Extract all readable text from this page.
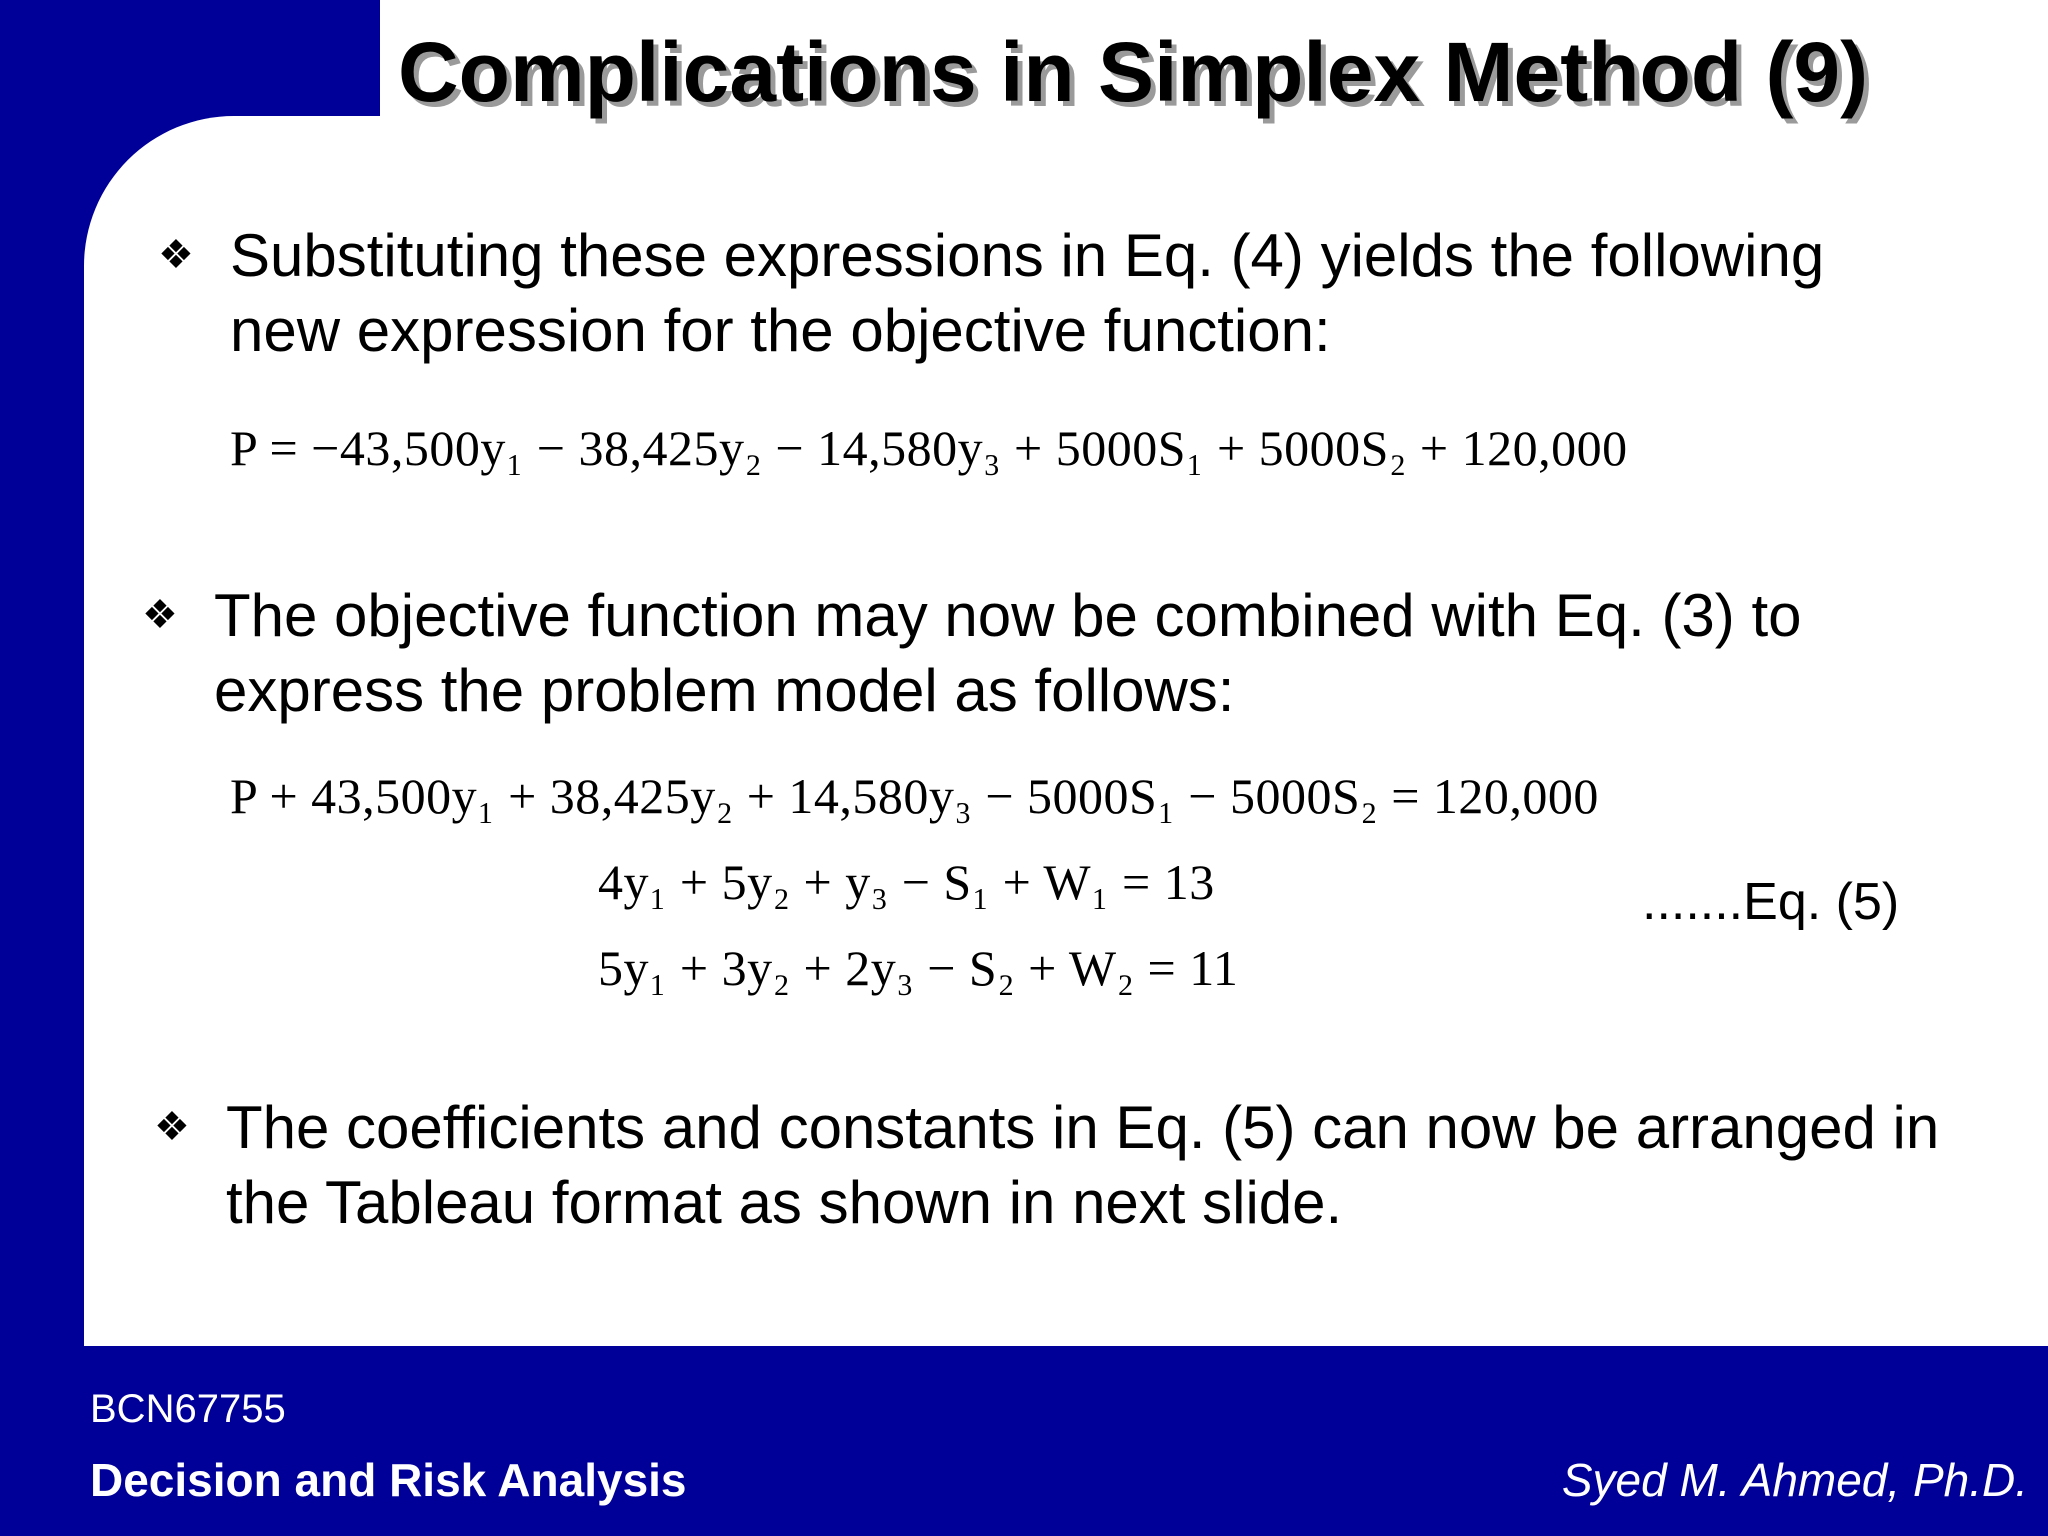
Complications in Simplex Method (9)
❖ Substituting these expressions in Eq. (4) yields the following
new expression for the objective function:
P = −43,500y₁ − 38,425y₂ − 14,580y₃ + 5000S₁ + 5000S₂ + 120,000
❖ The objective function may now be combined with Eq. (3) to
express the problem model as follows:
P + 43,500y₁ + 38,425y₂ + 14,580y₃ − 5000S₁ − 5000S₂ = 120,000
4y₁ + 5y₂ + y₃ − S₁ + W₁ = 13
5y₁ + 3y₂ + 2y₃ − S₂ + W₂ = 11
.......Eq. (5)
❖ The coefficients and constants in Eq. (5) can now be arranged in
the Tableau format as shown in next slide.
BCN67755
Decision and Risk Analysis	Syed M. Ahmed, Ph.D.
